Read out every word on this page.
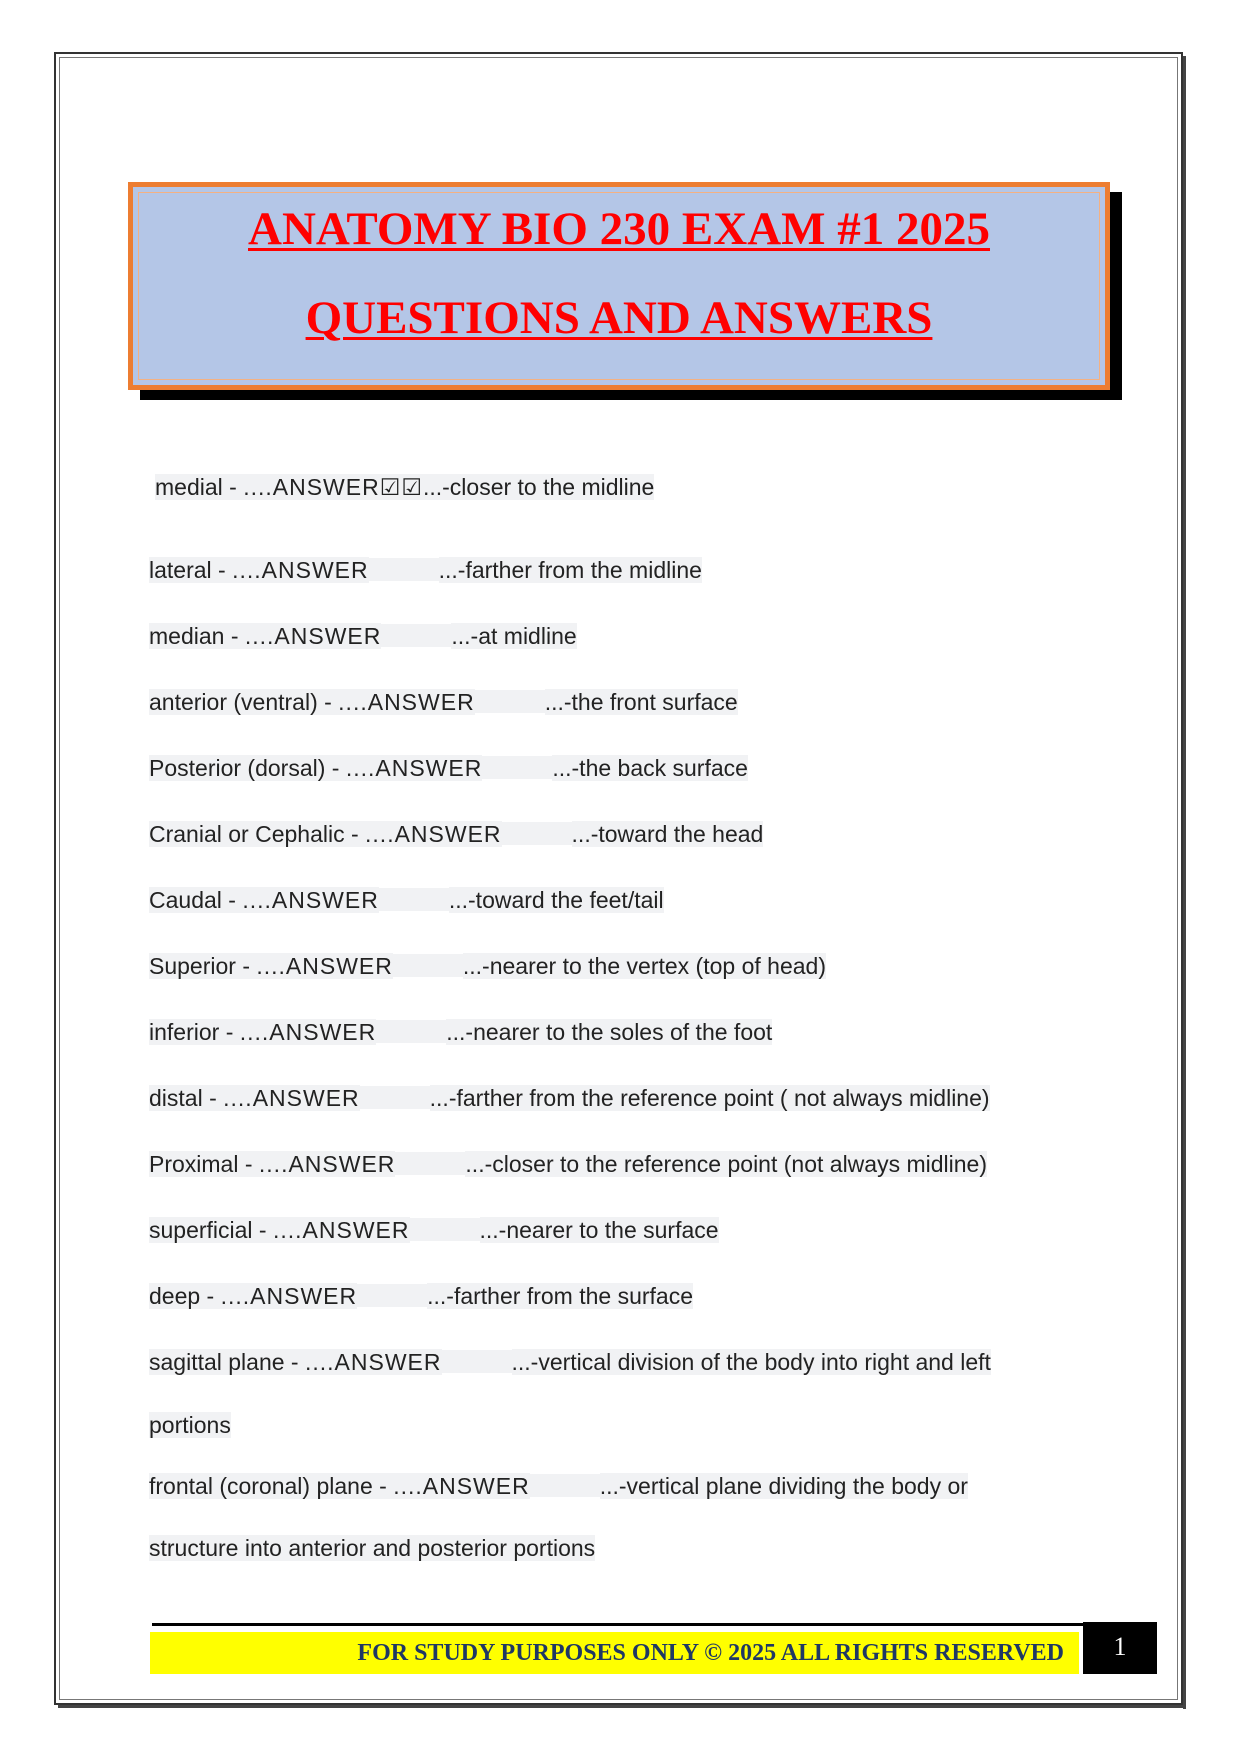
ANATOMY BIO 230 EXAM #1 2025
QUESTIONS AND ANSWERS
medial - ....ANSWER☑☑...-closer to the midline
lateral - ....ANSWER	...-farther from the midline
median - ....ANSWER	...-at midline
anterior (ventral) - ....ANSWER	...-the front surface
Posterior (dorsal) - ....ANSWER	...-the back surface
Cranial or Cephalic - ....ANSWER	...-toward the head
Caudal - ....ANSWER	...-toward the feet/tail
Superior - ....ANSWER	...-nearer to the vertex (top of head)
inferior - ....ANSWER	...-nearer to the soles of the foot
distal - ....ANSWER	...-farther from the reference point ( not always midline)
Proximal - ....ANSWER	...-closer to the reference point (not always midline)
superficial - ....ANSWER	...-nearer to the surface
deep - ....ANSWER	...-farther from the surface
sagittal plane - ....ANSWER	...-vertical division of the body into right and left
portions
frontal (coronal) plane - ....ANSWER	...-vertical plane dividing the body or
structure into anterior and posterior portions
FOR STUDY PURPOSES ONLY © 2025 ALL RIGHTS RESERVED	1
